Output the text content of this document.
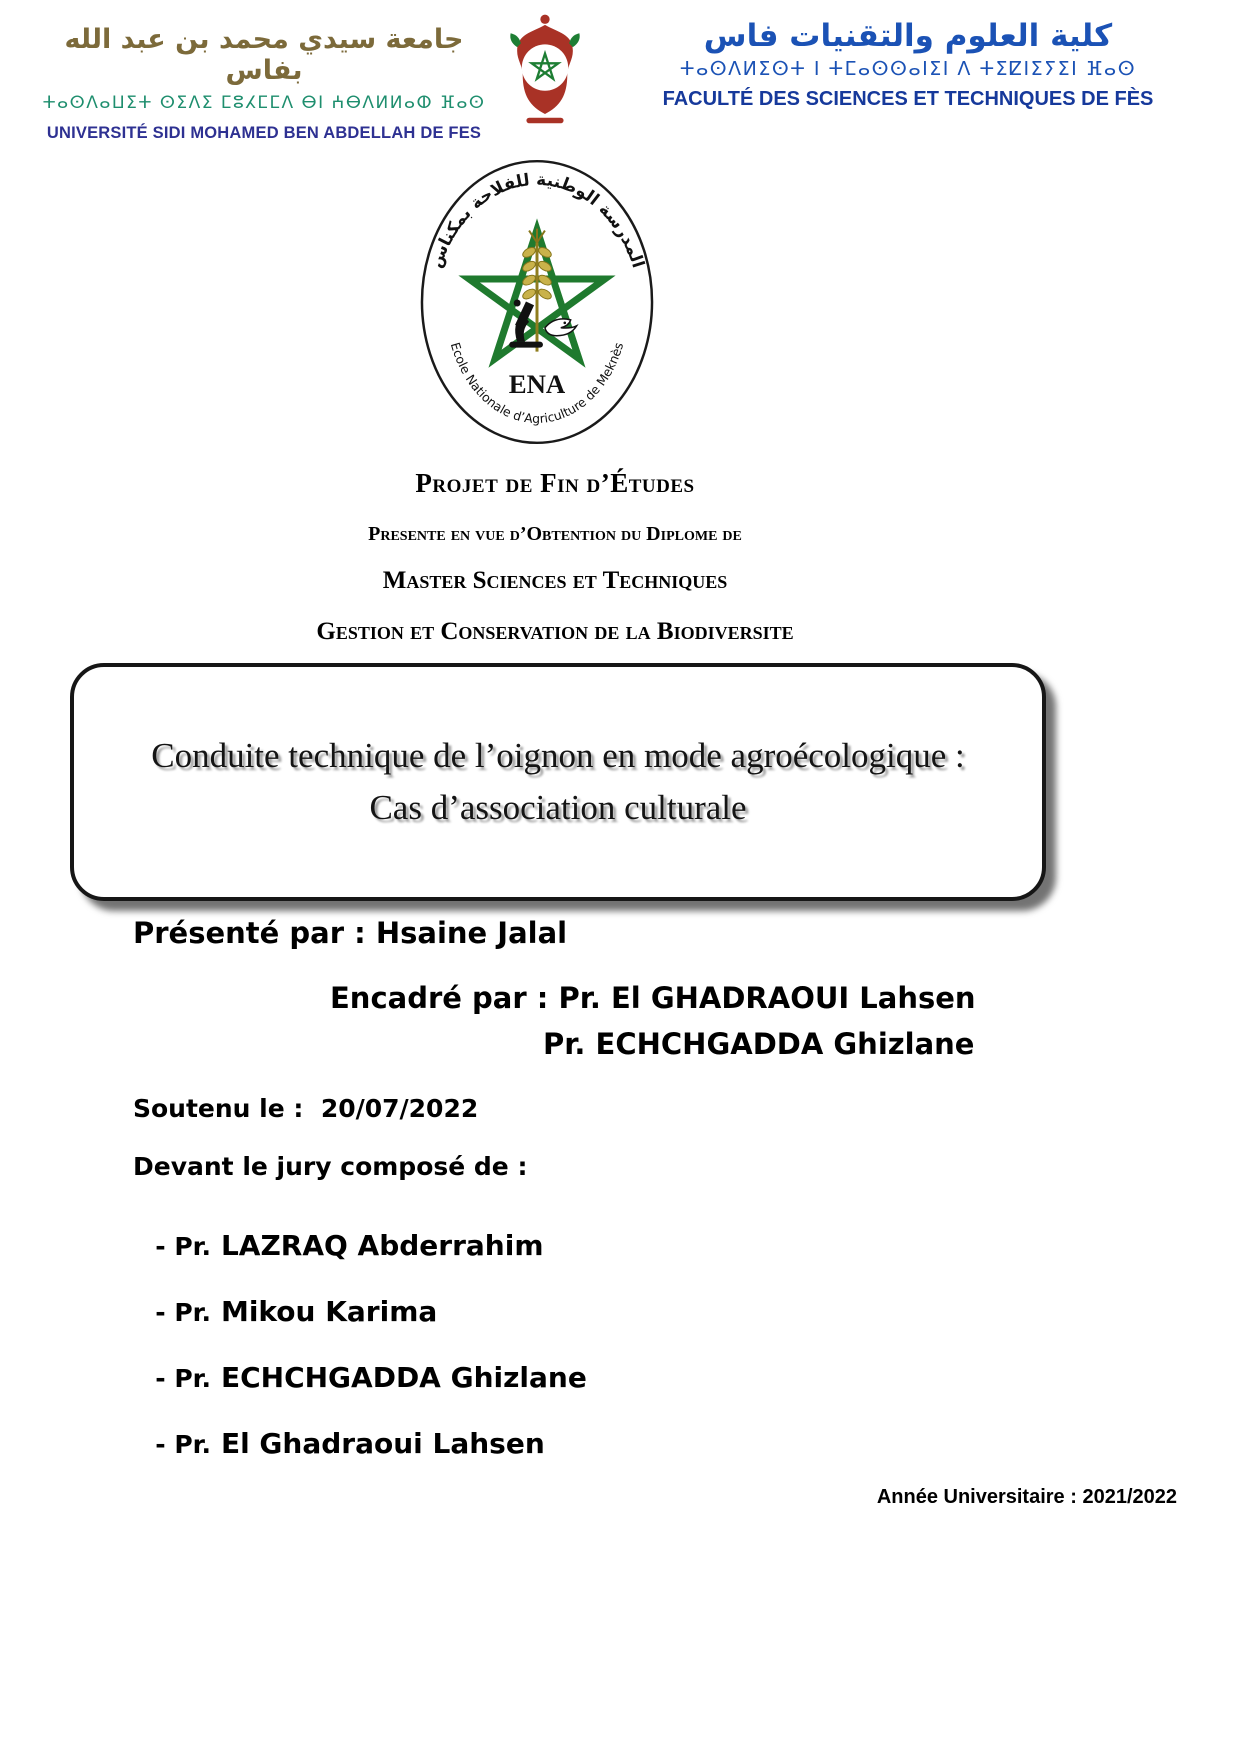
جامعة سيدي محمد بن عبد الله بفاس
ⵜⴰⵙⴷⴰⵡⵉⵜ ⵙⵉⴷⵉ ⵎⵓⵃⵎⵎⴷ ⴱⵏ ⵄⴱⴷⵍⵍⴰⵀ ⴼⴰⵙ
UNIVERSITÉ SIDI MOHAMED BEN ABDELLAH DE FES
كلية العلوم والتقنيات فاس
ⵜⴰⵙⴷⵍⵉⵙⵜ ⵏ ⵜⵎⴰⵙⵙⴰⵏⵉⵏ ⴷ ⵜⵉⵇⵏⵉⵢⵉⵏ ⴼⴰⵙ
FACULTÉ DES SCIENCES ET TECHNIQUES DE FÈS
المدرسة الوطنية للفلاحة بمكناس
Ecole Nationale d’Agriculture de Meknès
ENA
Projet de Fin d’Études
Presente en vue d’Obtention du Diplome de
Master Sciences et Techniques
Gestion et Conservation de la Biodiversite
Conduite technique de l’oignon en mode agroécologique :
Cas d’association culturale
Présenté par : Hsaine Jalal
Encadré par : Pr. El GHADRAOUI Lahsen
Pr. ECHCHGADDA Ghizlane
Soutenu le :  20/07/2022
Devant le jury composé de :

- Pr. LAZRAQ Abderrahim

- Pr. Mikou Karima

- Pr. ECHCHGADDA Ghizlane

- Pr. El Ghadraoui Lahsen

Année Universitaire : 2021/2022
